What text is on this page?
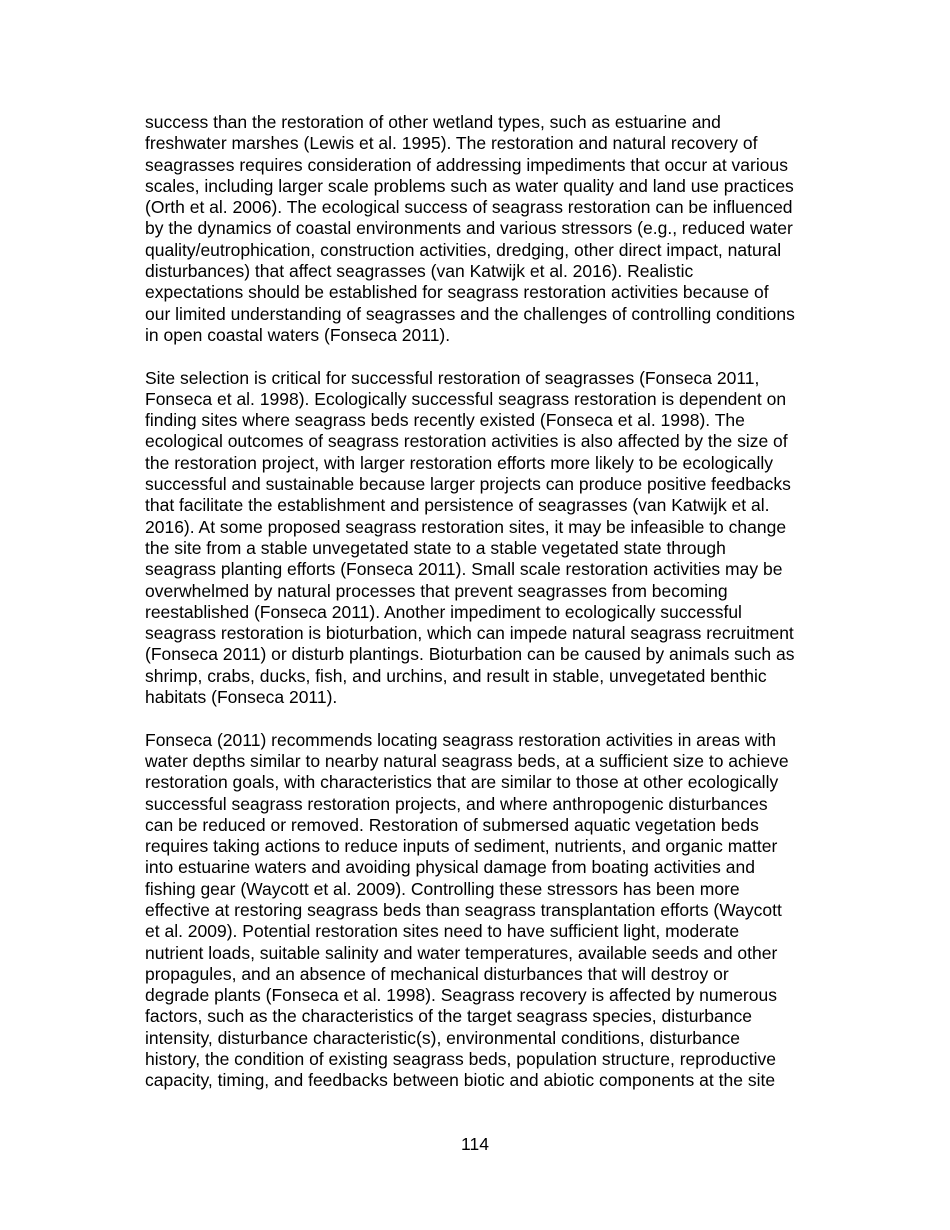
success than the restoration of other wetland types, such as estuarine and
freshwater marshes (Lewis et al. 1995). The restoration and natural recovery of
seagrasses requires consideration of addressing impediments that occur at various
scales, including larger scale problems such as water quality and land use practices
(Orth et al. 2006). The ecological success of seagrass restoration can be influenced
by the dynamics of coastal environments and various stressors (e.g., reduced water
quality/eutrophication, construction activities, dredging, other direct impact, natural
disturbances) that affect seagrasses (van Katwijk et al. 2016). Realistic
expectations should be established for seagrass restoration activities because of
our limited understanding of seagrasses and the challenges of controlling conditions
in open coastal waters (Fonseca 2011).

Site selection is critical for successful restoration of seagrasses (Fonseca 2011,
Fonseca et al. 1998). Ecologically successful seagrass restoration is dependent on
finding sites where seagrass beds recently existed (Fonseca et al. 1998). The
ecological outcomes of seagrass restoration activities is also affected by the size of
the restoration project, with larger restoration efforts more likely to be ecologically
successful and sustainable because larger projects can produce positive feedbacks
that facilitate the establishment and persistence of seagrasses (van Katwijk et al.
2016). At some proposed seagrass restoration sites, it may be infeasible to change
the site from a stable unvegetated state to a stable vegetated state through
seagrass planting efforts (Fonseca 2011). Small scale restoration activities may be
overwhelmed by natural processes that prevent seagrasses from becoming
reestablished (Fonseca 2011). Another impediment to ecologically successful
seagrass restoration is bioturbation, which can impede natural seagrass recruitment
(Fonseca 2011) or disturb plantings. Bioturbation can be caused by animals such as
shrimp, crabs, ducks, fish, and urchins, and result in stable, unvegetated benthic
habitats (Fonseca 2011).

Fonseca (2011) recommends locating seagrass restoration activities in areas with
water depths similar to nearby natural seagrass beds, at a sufficient size to achieve
restoration goals, with characteristics that are similar to those at other ecologically
successful seagrass restoration projects, and where anthropogenic disturbances
can be reduced or removed. Restoration of submersed aquatic vegetation beds
requires taking actions to reduce inputs of sediment, nutrients, and organic matter
into estuarine waters and avoiding physical damage from boating activities and
fishing gear (Waycott et al. 2009). Controlling these stressors has been more
effective at restoring seagrass beds than seagrass transplantation efforts (Waycott
et al. 2009). Potential restoration sites need to have sufficient light, moderate
nutrient loads, suitable salinity and water temperatures, available seeds and other
propagules, and an absence of mechanical disturbances that will destroy or
degrade plants (Fonseca et al. 1998). Seagrass recovery is affected by numerous
factors, such as the characteristics of the target seagrass species, disturbance
intensity, disturbance characteristic(s), environmental conditions, disturbance
history, the condition of existing seagrass beds, population structure, reproductive
capacity, timing, and feedbacks between biotic and abiotic components at the site

114
